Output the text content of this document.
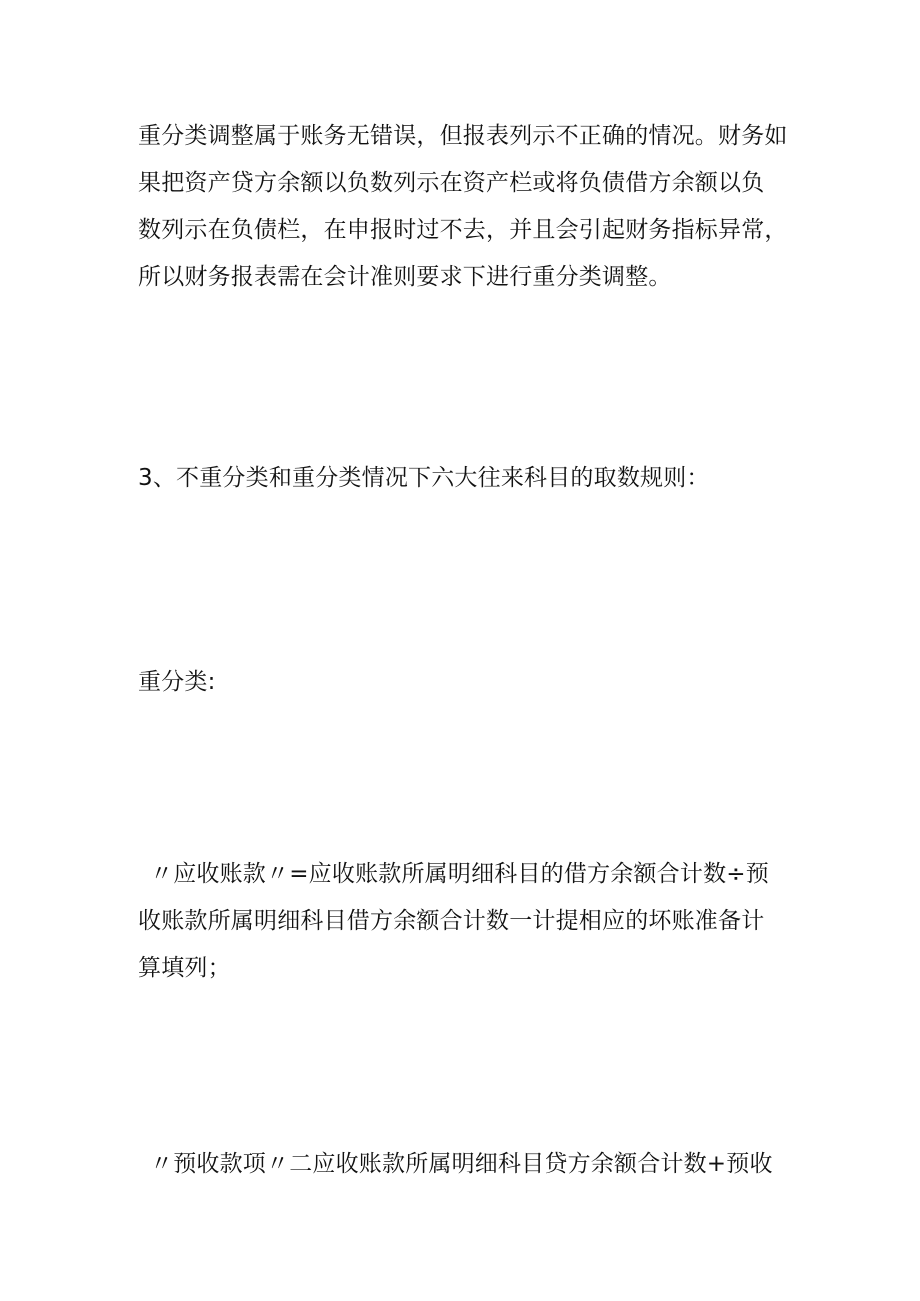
重分类调整属于账务无错误，但报表列示不正确的情况。财务如
果把资产贷方余额以负数列示在资产栏或将负债借方余额以负
数列示在负债栏，在申报时过不去，并且会引起财务指标异常，
所以财务报表需在会计准则要求下进行重分类调整。
3、不重分类和重分类情况下六大往来科目的取数规则：
重分类:
〃应收账款〃=应收账款所属明细科目的借方余额合计数÷预
收账款所属明细科目借方余额合计数一计提相应的坏账准备计
算填列；
〃预收款项〃二应收账款所属明细科目贷方余额合计数+预收
